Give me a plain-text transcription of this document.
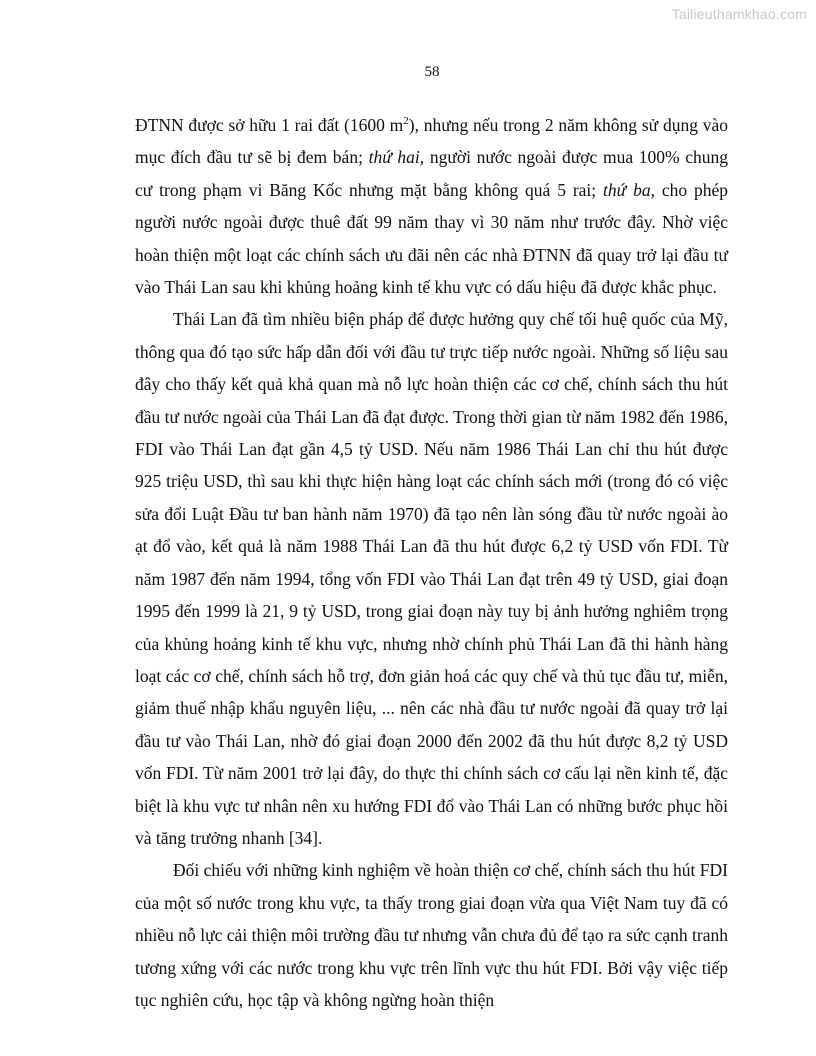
Tailieuthamkhao.com
58

ĐTNN được sở hữu 1 rai đất (1600 $m^2$), nhưng nếu trong 2 năm không sử dụng vào mục đích đầu tư sẽ bị đem bán; thứ hai, người nước ngoài được mua 100% chung cư trong phạm vi Băng Kốc nhưng mặt bằng không quá 5 rai; thứ ba, cho phép người nước ngoài được thuê đất 99 năm thay vì 30 năm như trước đây. Nhờ việc hoàn thiện một loạt các chính sách ưu đãi nên các nhà ĐTNN đã quay trở lại đầu tư vào Thái Lan sau khi khủng hoảng kinh tế khu vực có dấu hiệu đã được khắc phục.

Thái Lan đã tìm nhiều biện pháp để được hưởng quy chế tối huệ quốc của Mỹ, thông qua đó tạo sức hấp dẫn đối với đầu tư trực tiếp nước ngoài. Những số liệu sau đây cho thấy kết quả khả quan mà nỗ lực hoàn thiện các cơ chế, chính sách thu hút đầu tư nước ngoài của Thái Lan đã đạt được. Trong thời gian từ năm 1982 đến 1986, FDI vào Thái Lan đạt gần 4,5 tỷ USD. Nếu năm 1986 Thái Lan chỉ thu hút được 925 triệu USD, thì sau khi thực hiện hàng loạt các chính sách mới (trong đó có việc sửa đổi Luật Đầu tư ban hành năm 1970) đã tạo nên làn sóng đầu từ nước ngoài ào ạt đổ vào, kết quả là năm 1988 Thái Lan đã thu hút được 6,2 tỷ USD vốn FDI. Từ năm 1987 đến năm 1994, tổng vốn FDI vào Thái Lan đạt trên 49 tỷ USD, giai đoạn 1995 đến 1999 là 21, 9 tỷ USD, trong giai đoạn này tuy bị ảnh hưởng nghiêm trọng của khủng hoảng kinh tế khu vực, nhưng nhờ chính phủ Thái Lan đã thi hành hàng loạt các cơ chế, chính sách hỗ trợ, đơn giản hoá các quy chế và thủ tục đầu tư, miễn, giảm thuế nhập khẩu nguyên liệu, ... nên các nhà đầu tư nước ngoài đã quay trở lại đầu tư vào Thái Lan, nhờ đó giai đoạn 2000 đến 2002 đã thu hút được 8,2 tỷ USD vốn FDI. Từ năm 2001 trở lại đây, do thực thi chính sách cơ cấu lại nền kinh tế, đặc biệt là khu vực tư nhân nên xu hướng FDI đổ vào Thái Lan có những bước phục hồi và tăng trưởng nhanh [34].

Đối chiếu với những kinh nghiệm về hoàn thiện cơ chế, chính sách thu hút FDI của một số nước trong khu vực, ta thấy trong giai đoạn vừa qua Việt Nam tuy đã có nhiều nỗ lực cải thiện môi trường đầu tư nhưng vẫn chưa đủ để tạo ra sức cạnh tranh tương xứng với các nước trong khu vực trên lĩnh vực thu hút FDI. Bởi vậy việc tiếp tục nghiên cứu, học tập và không ngừng hoàn thiện
